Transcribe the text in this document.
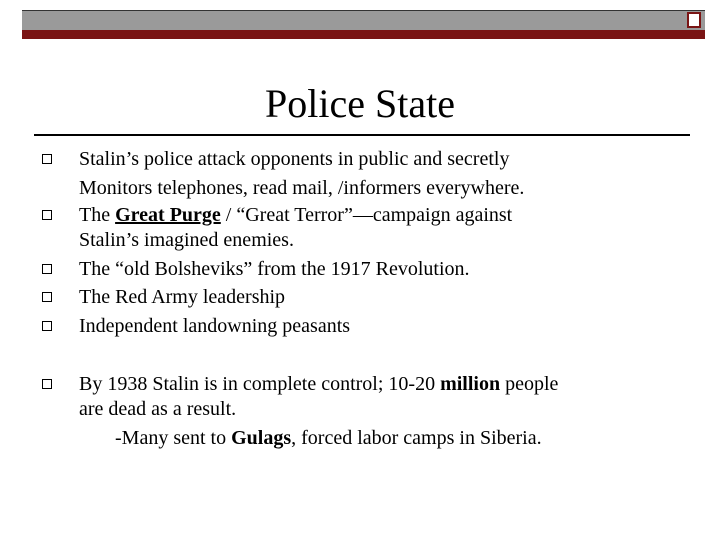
Police State
Stalin’s police attack opponents in public and secretly
Monitors telephones, read mail, /informers everywhere.
The Great Purge / “Great Terror”—campaign against
Stalin’s imagined enemies.
The “old Bolsheviks” from the 1917 Revolution.
The Red Army leadership
Independent landowning peasants
By 1938 Stalin is in complete control; 10-20 million people
are dead as a result.
-Many sent to Gulags, forced labor camps in Siberia.
